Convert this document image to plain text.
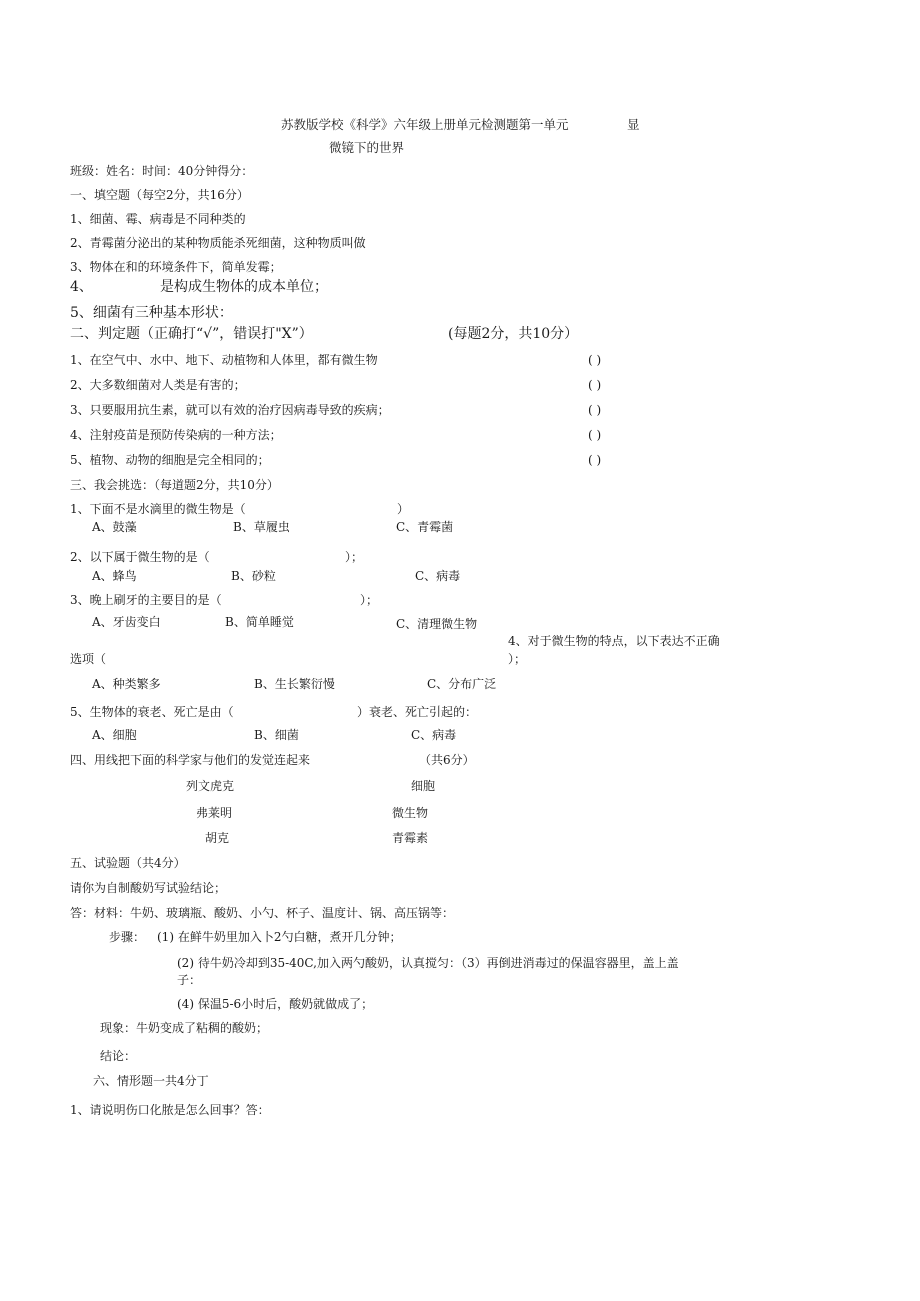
苏教版学校《科学》六年级上册单元检测题第一单元	显
微镜下的世界
班级：姓名：时间：40分钟得分：
一、填空题（每空2分，共16分）
1、细菌、霉、病毒是不同种类的
2、青霉菌分泌出的某种物质能杀死细菌，这种物质叫做
3、物体在和的环境条件下，简单发霉；
4、	是构成生物体的成本单位；
5、细菌有三种基本形状：
二、判定题（正确打“√”，错误打"X”）	(每题2分，共10分）
1、在空气中、水中、地下、动植物和人体里，都有微生物	( )
2、大多数细菌对人类是有害的；	( )
3、只要服用抗生素，就可以有效的治疗因病毒导致的疾病；	( )
4、注射疫苗是预防传染病的一种方法；	( )
5、植物、动物的细胞是完全相同的；	( )
三、我会挑选：（每道题2分，共10分）
1、下面不是水滴里的微生物是（	）
A、鼓藻	B、草履虫	C、青霉菌
2、以下属于微生物的是（	）；
A、蜂鸟	B、砂粒	C、病毒
3、晚上刷牙的主要目的是（	）；
A、牙齿变白	B、简单睡觉	C、清理微生物
4、对于微生物的特点，以下表达不正确
选项（	）；
A、种类繁多	B、生长繁衍慢	C、分布广泛
5、生物体的衰老、死亡是由（	）衰老、死亡引起的：
A、细胞	B、细菌	C、病毒
四、用线把下面的科学家与他们的发觉连起来	（共6分）
列文虎克	细胞
弗莱明	微生物
胡克	青霉素
五、试验题（共4分）
请你为自制酸奶写试验结论；
答：材料：牛奶、玻璃瓶、酸奶、小勺、杯子、温度计、锅、高压锅等：
步骤： (1) 在鲜牛奶里加入卜2勺白糖，煮开几分钟；
(2) 待牛奶冷却到35-40C,加入两勺酸奶，认真搅匀：（3）再倒进消毒过的保温容器里，盖上盖
子：
(4) 保温5-6小时后，酸奶就做成了；
现象：牛奶变成了粘稠的酸奶；
结论：
六、情形题一共4分丁
1、请说明伤口化脓是怎么回事？答：
